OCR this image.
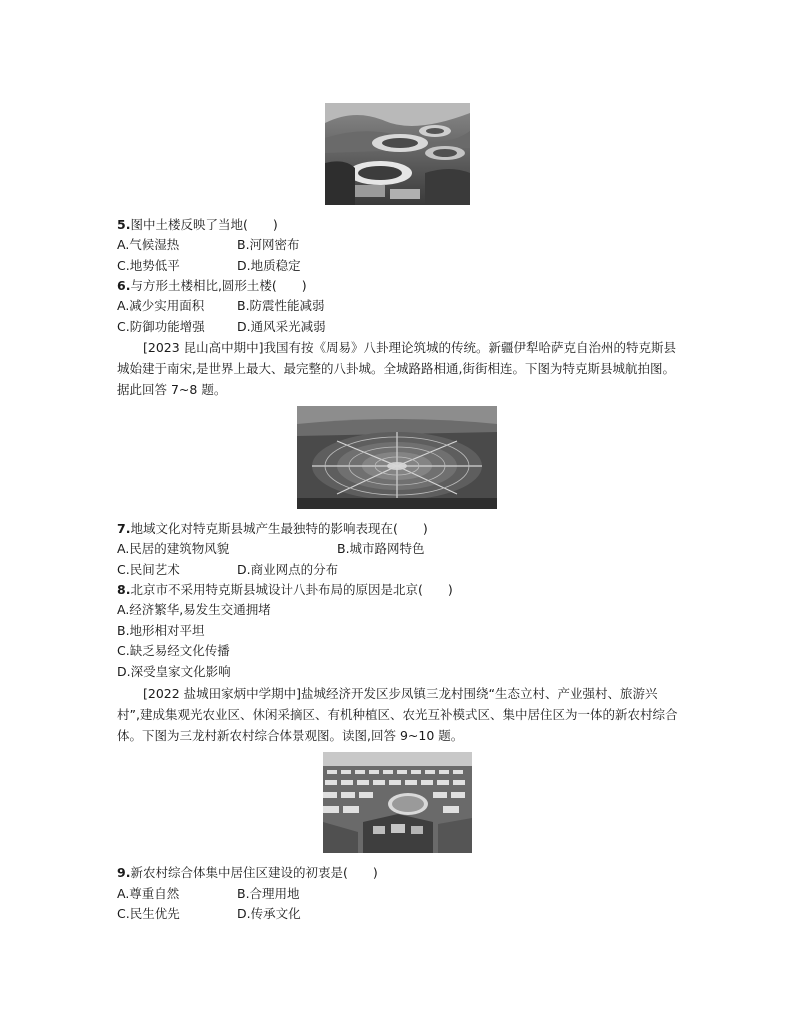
5.图中土楼反映了当地(　　)
A.气候湿热	B.河网密布
C.地势低平	D.地质稳定
6.与方形土楼相比,圆形土楼(　　)
A.减少实用面积	B.防震性能减弱
C.防御功能增强	D.通风采光减弱
[2023 昆山高中期中]我国有按《周易》八卦理论筑城的传统。新疆伊犁哈萨克自治州的特克斯县城始建于南宋,是世界上最大、最完整的八卦城。全城路路相通,街街相连。下图为特克斯县城航拍图。据此回答 7~8 题。
7.地域文化对特克斯县城产生最独特的影响表现在(　　)
A.民居的建筑物风貌	B.城市路网特色
C.民间艺术	D.商业网点的分布
8.北京市不采用特克斯县城设计八卦布局的原因是北京(　　)
A.经济繁华,易发生交通拥堵
B.地形相对平坦
C.缺乏易经文化传播
D.深受皇家文化影响
[2022 盐城田家炳中学期中]盐城经济开发区步凤镇三龙村围绕“生态立村、产业强村、旅游兴村”,建成集观光农业区、休闲采摘区、有机种植区、农光互补模式区、集中居住区为一体的新农村综合体。下图为三龙村新农村综合体景观图。读图,回答 9~10 题。
9.新农村综合体集中居住区建设的初衷是(　　)
A.尊重自然	B.合理用地
C.民生优先	D.传承文化
